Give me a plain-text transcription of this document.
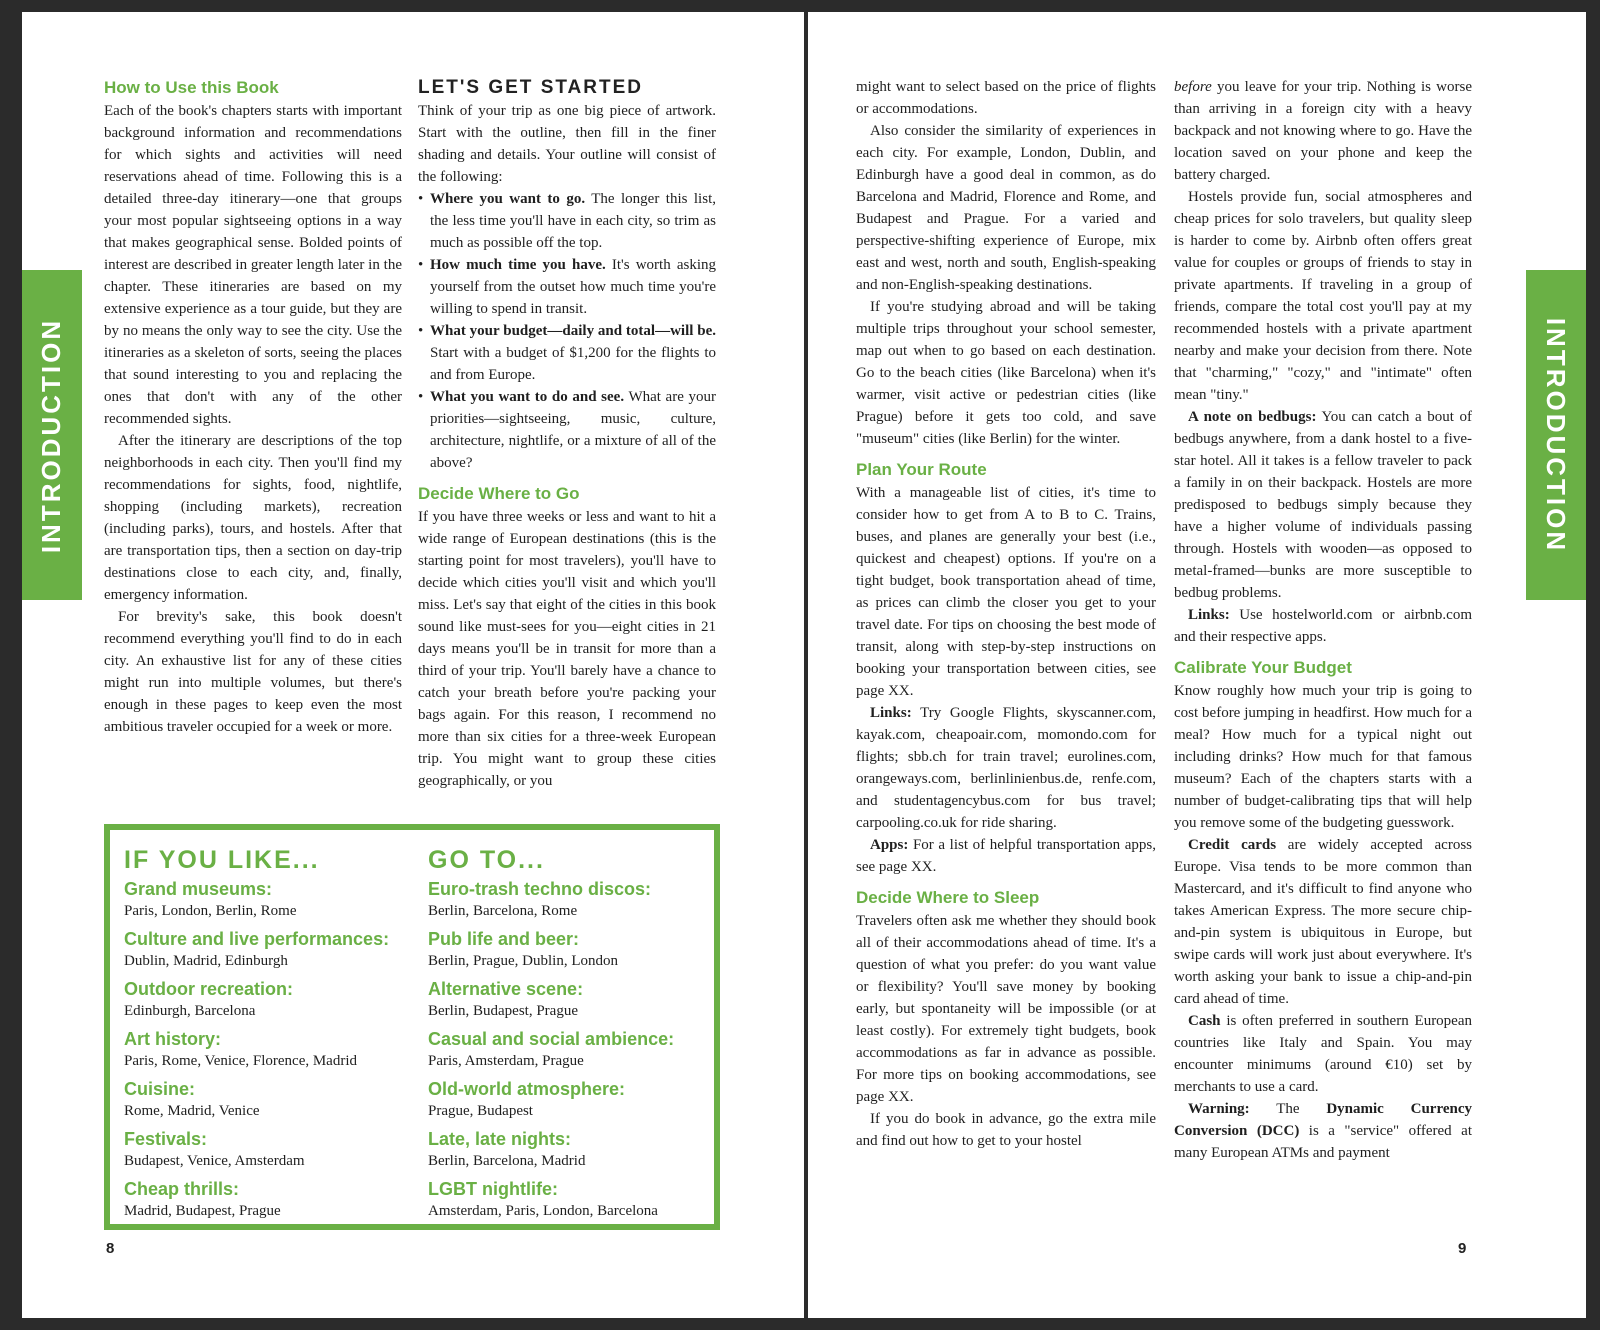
INTRODUCTION
How to Use this Book

Each of the book's chapters starts with important background information and recommendations for which sights and activities will need reservations ahead of time. Following this is a detailed three-day itinerary—one that groups your most popular sightseeing options in a way that makes geographical sense. Bolded points of interest are described in greater length later in the chapter. These itineraries are based on my extensive experience as a tour guide, but they are by no means the only way to see the city. Use the itineraries as a skeleton of sorts, seeing the places that sound interesting to you and replacing the ones that don't with any of the other recommended sights.

After the itinerary are descriptions of the top neighborhoods in each city. Then you'll find my recommendations for sights, food, nightlife, shopping (including markets), recreation (including parks), tours, and hostels. After that are transportation tips, then a section on day-trip destinations close to each city, and, finally, emergency information.

For brevity's sake, this book doesn't recommend everything you'll find to do in each city. An exhaustive list for any of these cities might run into multiple volumes, but there's enough in these pages to keep even the most ambitious traveler occupied for a week or more.

LET'S GET STARTED

Think of your trip as one big piece of artwork. Start with the outline, then fill in the finer shading and details. Your outline will consist of the following:

• Where you want to go. The longer this list, the less time you'll have in each city, so trim as much as possible off the top.
• How much time you have. It's worth asking yourself from the outset how much time you're willing to spend in transit.
• What your budget—daily and total—will be. Start with a budget of $1,200 for the flights to and from Europe.
• What you want to do and see. What are your priorities—sightseeing, music, culture, architecture, nightlife, or a mixture of all of the above?
Decide Where to Go

If you have three weeks or less and want to hit a wide range of European destinations (this is the starting point for most travelers), you'll have to decide which cities you'll visit and which you'll miss. Let's say that eight of the cities in this book sound like must-sees for you—eight cities in 21 days means you'll be in transit for more than a third of your trip. You'll barely have a chance to catch your breath before you're packing your bags again. For this reason, I recommend no more than six cities for a three-week European trip. You might want to group these cities geographically, or you

IF YOU LIKE...
Grand museums:
Paris, London, Berlin, Rome
Culture and live performances:
Dublin, Madrid, Edinburgh
Outdoor recreation:
Edinburgh, Barcelona
Art history:
Paris, Rome, Venice, Florence, Madrid
Cuisine:
Rome, Madrid, Venice
Festivals:
Budapest, Venice, Amsterdam
Cheap thrills:
Madrid, Budapest, Prague
GO TO...
Euro-trash techno discos:
Berlin, Barcelona, Rome
Pub life and beer:
Berlin, Prague, Dublin, London
Alternative scene:
Berlin, Budapest, Prague
Casual and social ambience:
Paris, Amsterdam, Prague
Old-world atmosphere:
Prague, Budapest
Late, late nights:
Berlin, Barcelona, Madrid
LGBT nightlife:
Amsterdam, Paris, London, Barcelona
8
INTRODUCTION

might want to select based on the price of flights or accommodations.

Also consider the similarity of experiences in each city. For example, London, Dublin, and Edinburgh have a good deal in common, as do Barcelona and Madrid, Florence and Rome, and Budapest and Prague. For a varied and perspective-shifting experience of Europe, mix east and west, north and south, English-speaking and non-English-speaking destinations.

If you're studying abroad and will be taking multiple trips throughout your school semester, map out when to go based on each destination. Go to the beach cities (like Barcelona) when it's warmer, visit active or pedestrian cities (like Prague) before it gets too cold, and save "museum" cities (like Berlin) for the winter.

Plan Your Route

With a manageable list of cities, it's time to consider how to get from A to B to C. Trains, buses, and planes are generally your best (i.e., quickest and cheapest) options. If you're on a tight budget, book transportation ahead of time, as prices can climb the closer you get to your travel date. For tips on choosing the best mode of transit, along with step-by-step instructions on booking your transportation between cities, see page XX.

Links: Try Google Flights, skyscanner.com, kayak.com, cheapoair.com, momondo.com for flights; sbb.ch for train travel; eurolines.com, orangeways.com, berlinlinienbus.de, renfe.com, and studentagencybus.com for bus travel; carpooling.co.uk for ride sharing.

Apps: For a list of helpful transportation apps, see page XX.

Decide Where to Sleep

Travelers often ask me whether they should book all of their accommodations ahead of time. It's a question of what you prefer: do you want value or flexibility? You'll save money by booking early, but spontaneity will be impossible (or at least costly). For extremely tight budgets, book accommodations as far in advance as possible. For more tips on booking accommodations, see page XX.

If you do book in advance, go the extra mile and find out how to get to your hostel

before you leave for your trip. Nothing is worse than arriving in a foreign city with a heavy backpack and not knowing where to go. Have the location saved on your phone and keep the battery charged.

Hostels provide fun, social atmospheres and cheap prices for solo travelers, but quality sleep is harder to come by. Airbnb often offers great value for couples or groups of friends to stay in private apartments. If traveling in a group of friends, compare the total cost you'll pay at my recommended hostels with a private apartment nearby and make your decision from there. Note that "charming," "cozy," and "intimate" often mean "tiny."

A note on bedbugs: You can catch a bout of bedbugs anywhere, from a dank hostel to a five-star hotel. All it takes is a fellow traveler to pack a family in on their backpack. Hostels are more predisposed to bedbugs simply because they have a higher volume of individuals passing through. Hostels with wooden—as opposed to metal-framed—bunks are more susceptible to bedbug problems.

Links: Use hostelworld.com or airbnb.com and their respective apps.

Calibrate Your Budget

Know roughly how much your trip is going to cost before jumping in headfirst. How much for a meal? How much for a typical night out including drinks? How much for that famous museum? Each of the chapters starts with a number of budget-calibrating tips that will help you remove some of the budgeting guesswork.

Credit cards are widely accepted across Europe. Visa tends to be more common than Mastercard, and it's difficult to find anyone who takes American Express. The more secure chip-and-pin system is ubiquitous in Europe, but swipe cards will work just about everywhere. It's worth asking your bank to issue a chip-and-pin card ahead of time.

Cash is often preferred in southern European countries like Italy and Spain. You may encounter minimums (around €10) set by merchants to use a card.

Warning: The Dynamic Currency Conversion (DCC) is a "service" offered at many European ATMs and payment

9
